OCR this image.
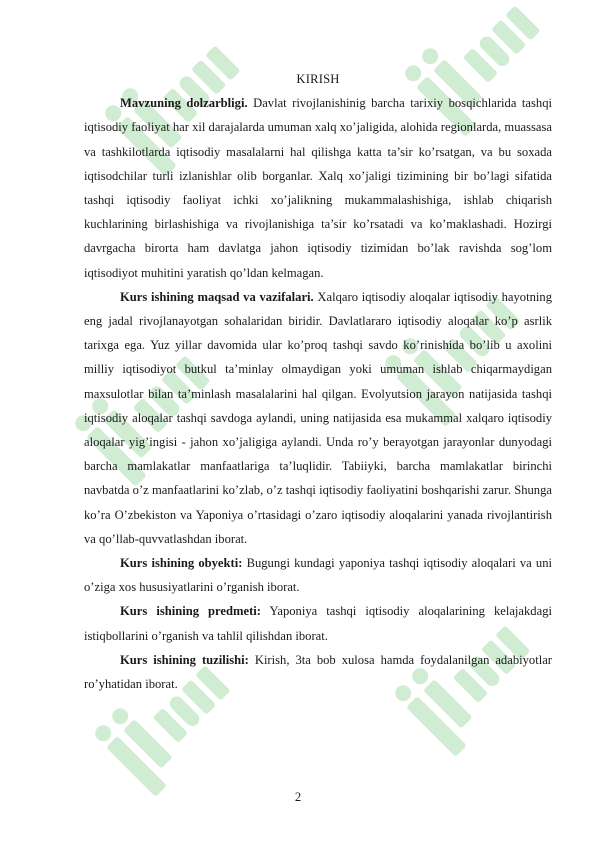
KIRISH

Mavzuning dolzarbligi. Davlat rivojlanishinig barcha tarixiy bosqichlarida tashqi iqtisodiy faoliyat har xil darajalarda umuman xalq xo’jaligida, alohida regionlarda, muassasa va tashkilotlarda iqtisodiy masalalarni hal qilishga katta ta’sir ko’rsatgan, va bu soxada iqtisodchilar turli izlanishlar olib borganlar. Xalq xo’jaligi tizimining bir bo’lagi sifatida tashqi iqtisodiy faoliyat ichki xo’jalikning mukammalashishiga, ishlab chiqarish kuchlarining birlashishiga va rivojlanishiga ta’sir ko’rsatadi va ko’maklashadi. Hozirgi davrgacha birorta ham davlatga jahon iqtisodiy tizimidan bo’lak ravishda sog’lom iqtisodiyot muhitini yaratish qo’ldan kelmagan.

Kurs ishining maqsad va vazifalari. Xalqaro iqtisodiy aloqalar iqtisodiy hayotning eng jadal rivojlanayotgan sohalaridan biridir. Davlatlararo iqtisodiy aloqalar ko’p asrlik tarixga ega. Yuz yillar davomida ular ko’proq tashqi savdo ko’rinishida bo’lib u axolini milliy iqtisodiyot butkul ta’minlay olmaydigan yoki umuman ishlab chiqarmaydigan maxsulotlar bilan ta’minlash masalalarini hal qilgan. Evolyutsion jarayon natijasida tashqi iqtisodiy aloqalar tashqi savdoga aylandi, uning natijasida esa mukammal xalqaro iqtisodiy aloqalar yig’ingisi - jahon xo’jaligiga aylandi. Unda ro’y berayotgan jarayonlar dunyodagi barcha mamlakatlar manfaatlariga ta’luqlidir. Tabiiyki, barcha mamlakatlar birinchi navbatda o’z manfaatlarini ko’zlab, o’z tashqi iqtisodiy faoliyatini boshqarishi zarur. Shunga ko’ra O’zbekiston va Yaponiya o’rtasidagi o’zaro iqtisodiy aloqalarini yanada rivojlantirish va qo’llab-quvvatlashdan iborat.

Kurs ishining obyekti: Bugungi kundagi yaponiya tashqi iqtisodiy aloqalari va uni o’ziga xos hususiyatlarini o’rganish iborat.

Kurs ishining predmeti: Yaponiya tashqi iqtisodiy aloqalarining kelajakdagi istiqbollarini o’rganish va tahlil qilishdan iborat.

Kurs ishining tuzilishi: Kirish, 3ta bob xulosa hamda foydalanilgan adabiyotlar ro’yhatidan iborat.

2
